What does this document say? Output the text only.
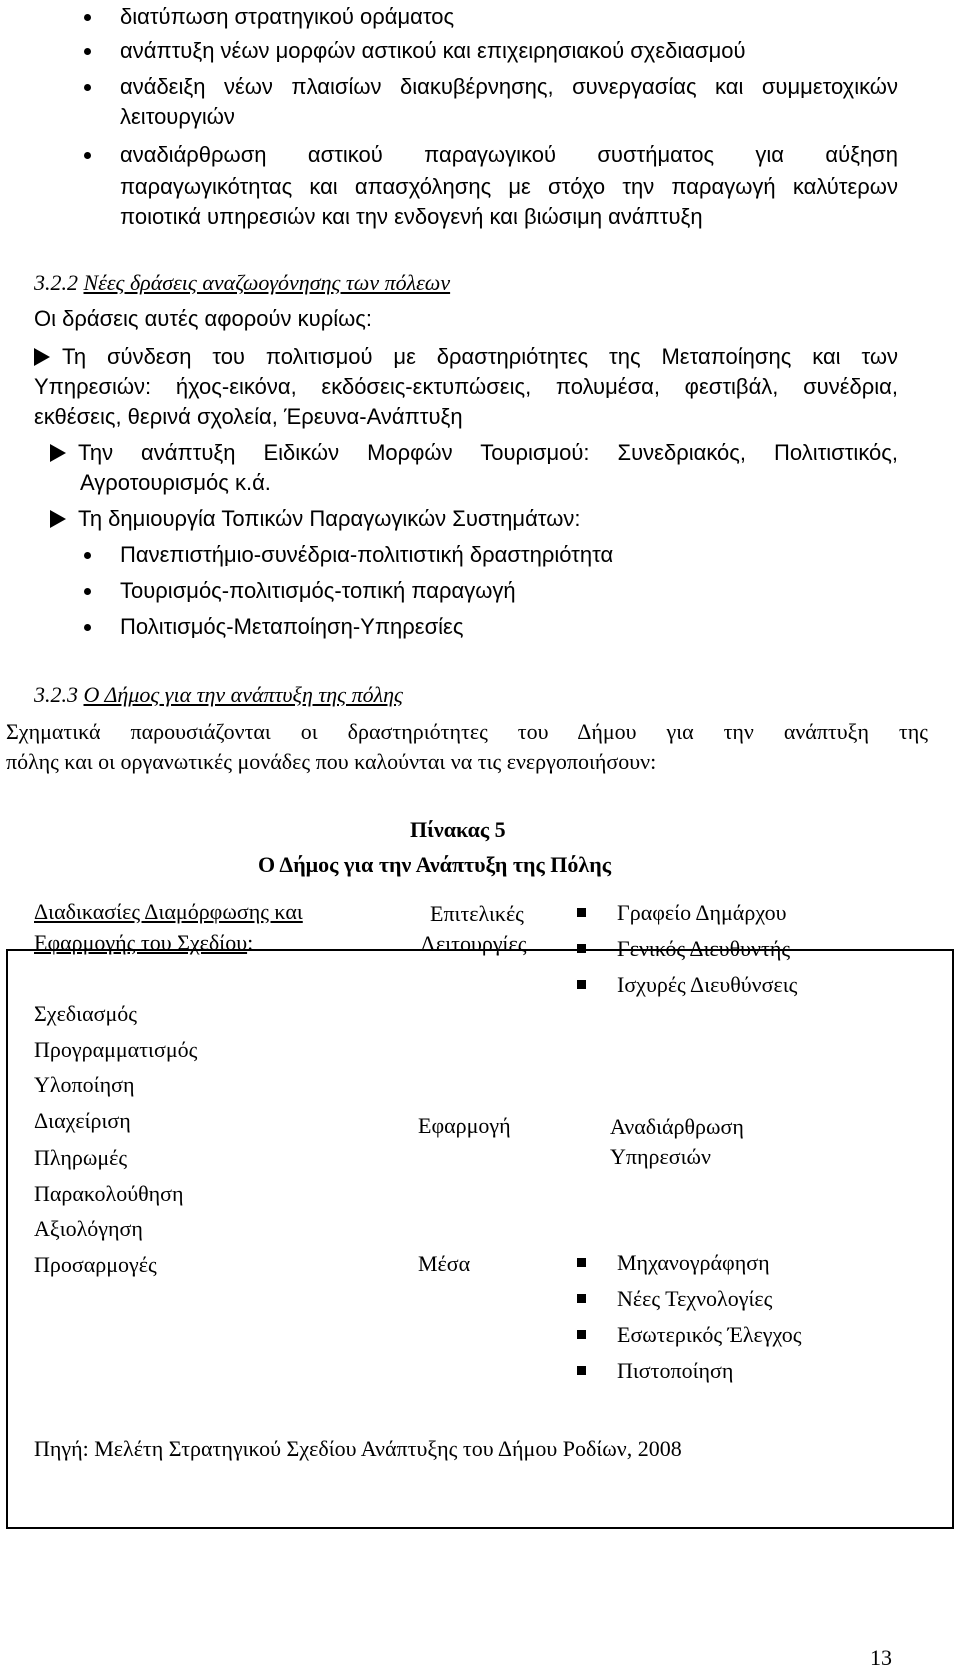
διατύπωση στρατηγικού οράματος
ανάπτυξη νέων μορφών αστικού και επιχειρησιακού σχεδιασμού
ανάδειξη νέων πλαισίων διακυβέρνησης, συνεργασίας και συμμετοχικών
λειτουργιών
αναδιάρθρωση αστικού παραγωγικού συστήματος για αύξηση
παραγωγικότητας και απασχόλησης με στόχο την παραγωγή καλύτερων
ποιοτικά υπηρεσιών και την ενδογενή και βιώσιμη ανάπτυξη
3.2.2 Νέες δράσεις αναζωογόνησης των πόλεων
Οι δράσεις αυτές αφορούν κυρίως:
Τη σύνδεση του πολιτισμού με δραστηριότητες της Μεταποίησης και των
Υπηρεσιών: ήχος-εικόνα, εκδόσεις-εκτυπώσεις, πολυμέσα, φεστιβάλ, συνέδρια,
εκθέσεις, θερινά σχολεία, Έρευνα-Ανάπτυξη
Την ανάπτυξη Ειδικών Μορφών Τουρισμού: Συνεδριακός, Πολιτιστικός,
Αγροτουρισμός κ.ά.
Τη δημιουργία Τοπικών Παραγωγικών Συστημάτων:
Πανεπιστήμιο-συνέδρια-πολιτιστική δραστηριότητα
Τουρισμός-πολιτισμός-τοπική παραγωγή
Πολιτισμός-Μεταποίηση-Υπηρεσίες
3.2.3 Ο Δήμος για την ανάπτυξη της πόλης
Σχηματικά παρουσιάζονται οι δραστηριότητες του Δήμου για την ανάπτυξη της
πόλης και οι οργανωτικές μονάδες που καλούνται να τις ενεργοποιήσουν:
Πίνακας 5
Ο Δήμος για την Ανάπτυξη της Πόλης
Διαδικασίες Διαμόρφωσης και
Εφαρμογής του Σχεδίου:
Σχεδιασμός
Προγραμματισμός
Υλοποίηση
Διαχείριση
Πληρωμές
Παρακολούθηση
Αξιολόγηση
Προσαρμογές
Επιτελικές
Λειτουργίες
Εφαρμογή
Μέσα
Γραφείο Δημάρχου
Γενικός Διευθυντής
Ισχυρές Διευθύνσεις
Αναδιάρθρωση
Υπηρεσιών
Μηχανογράφηση
Νέες Τεχνολογίες
Εσωτερικός Έλεγχος
Πιστοποίηση
Πηγή: Μελέτη Στρατηγικού Σχεδίου Ανάπτυξης του Δήμου Ροδίων, 2008
13
